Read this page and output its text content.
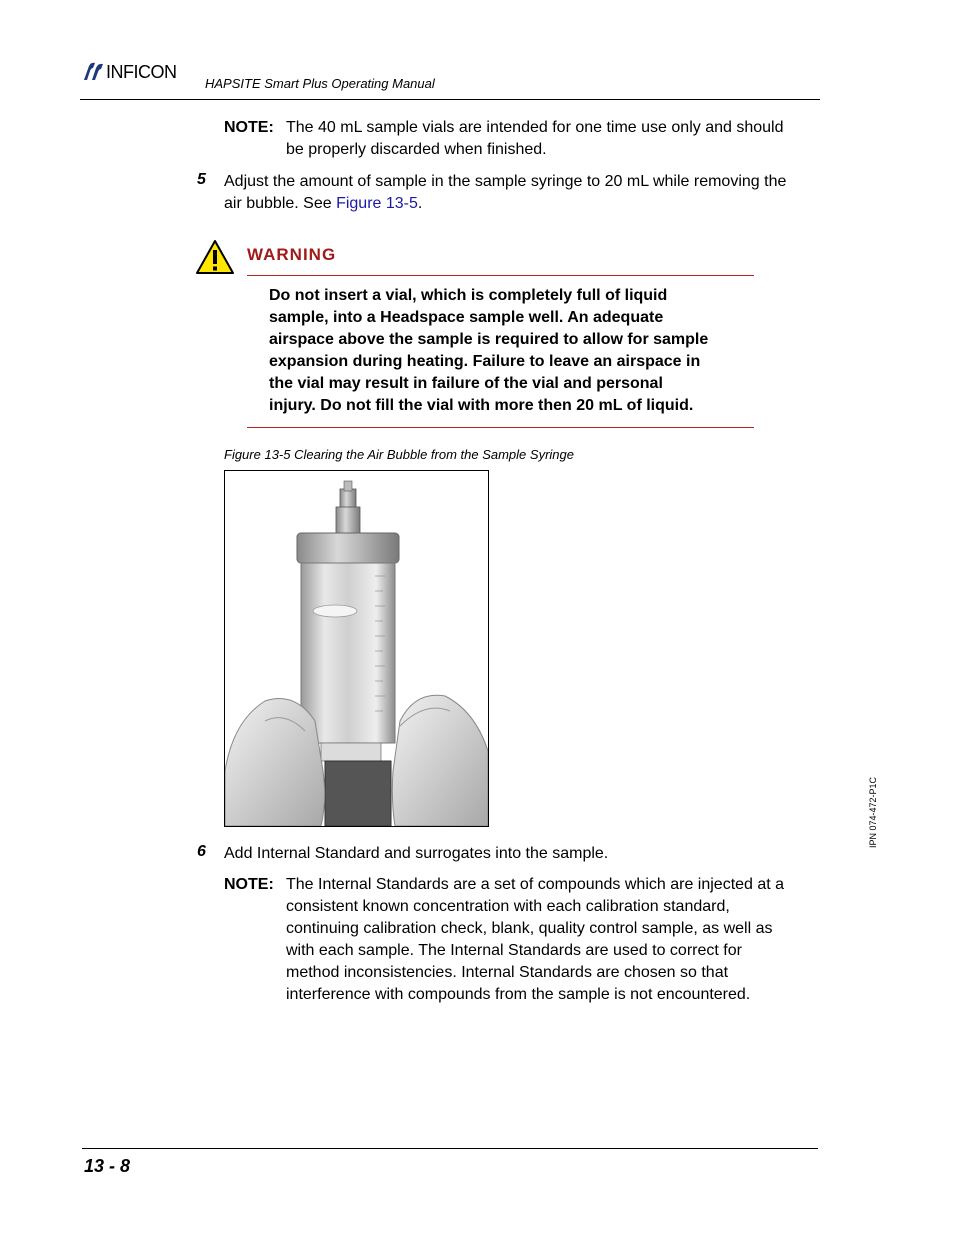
INFICON
HAPSITE Smart Plus Operating Manual
NOTE: The 40 mL sample vials are intended for one time use only and should
be properly discarded when finished.
5 Adjust the amount of sample in the sample syringe to 20 mL while removing the
air bubble. See Figure 13-5.
WARNING
Do not insert a vial, which is completely full of liquid
sample, into a Headspace sample well. An adequate
airspace above the sample is required to allow for sample
expansion during heating. Failure to leave an airspace in
the vial may result in failure of the vial and personal
injury. Do not fill the vial with more then 20 mL of liquid.
Figure 13-5 Clearing the Air Bubble from the Sample Syringe
6 Add Internal Standard and surrogates into the sample.
NOTE: The Internal Standards are a set of compounds which are injected at a
consistent known concentration with each calibration standard,
continuing calibration check, blank, quality control sample, as well as
with each sample. The Internal Standards are used to correct for
method inconsistencies. Internal Standards are chosen so that
interference with compounds from the sample is not encountered.
IPN 074-472-P1C
13 - 8
